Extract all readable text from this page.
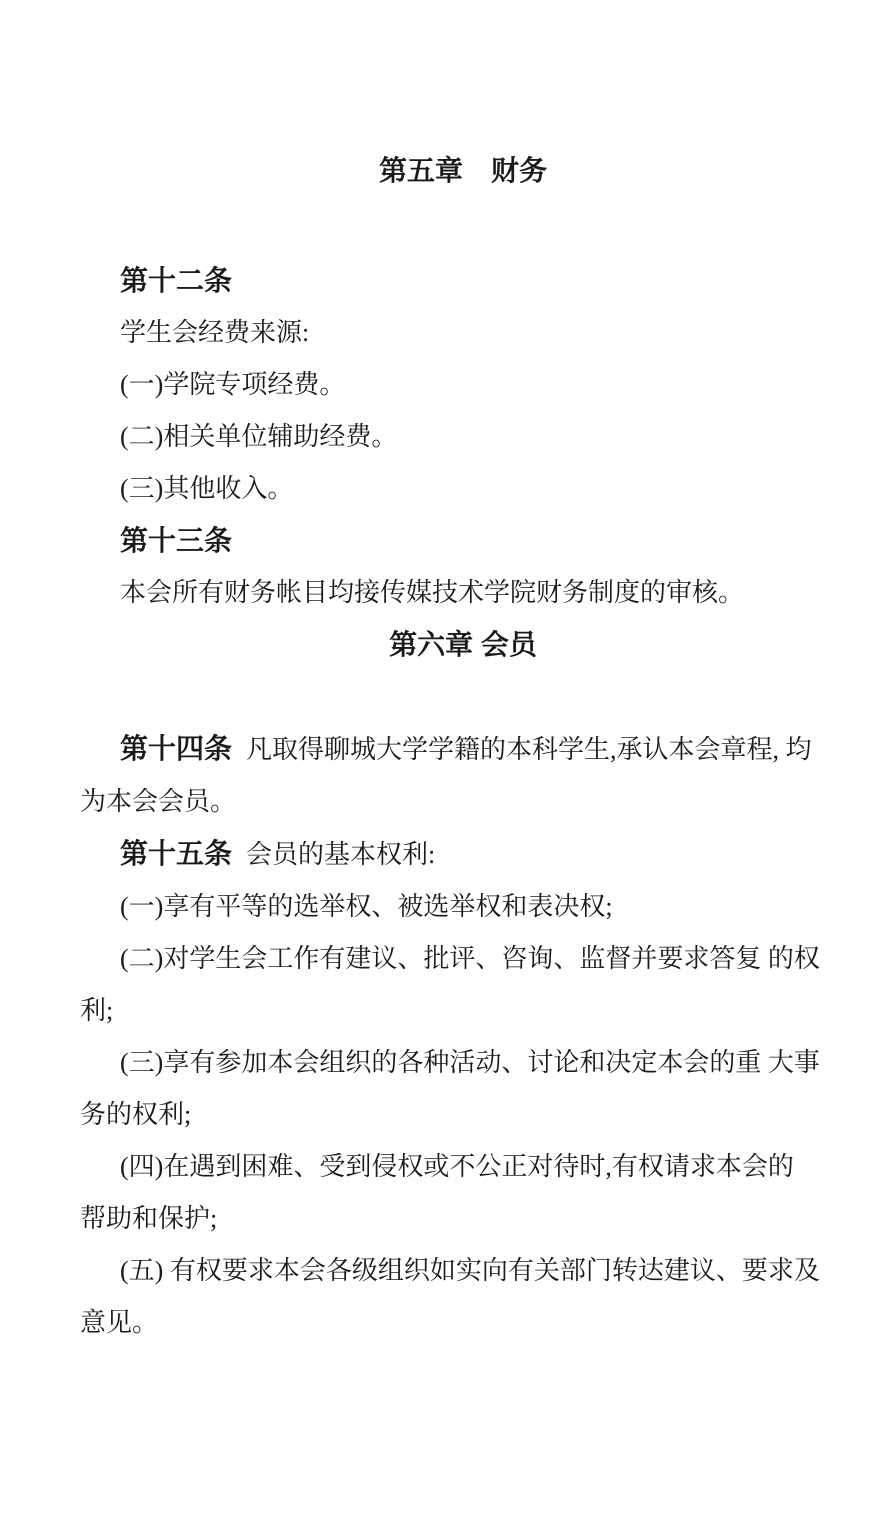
第五章　财务
第十二条
学生会经费来源:
(一)学院专项经费。
(二)相关单位辅助经费。
(三)其他收入。
第十三条
本会所有财务帐目均接传媒技术学院财务制度的审核。
第六章 会员
第十四条 凡取得聊城大学学籍的本科学生,承认本会章程, 均
为本会会员。
第十五条 会员的基本权利:
(一)享有平等的选举权、被选举权和表决权;
(二)对学生会工作有建议、批评、咨询、监督并要求答复 的权
利;
(三)享有参加本会组织的各种活动、讨论和决定本会的重 大事
务的权利;
(四)在遇到困难、受到侵权或不公正对待时,有权请求本会的
帮助和保护;
(五) 有权要求本会各级组织如实向有关部门转达建议、要求及
意见。
